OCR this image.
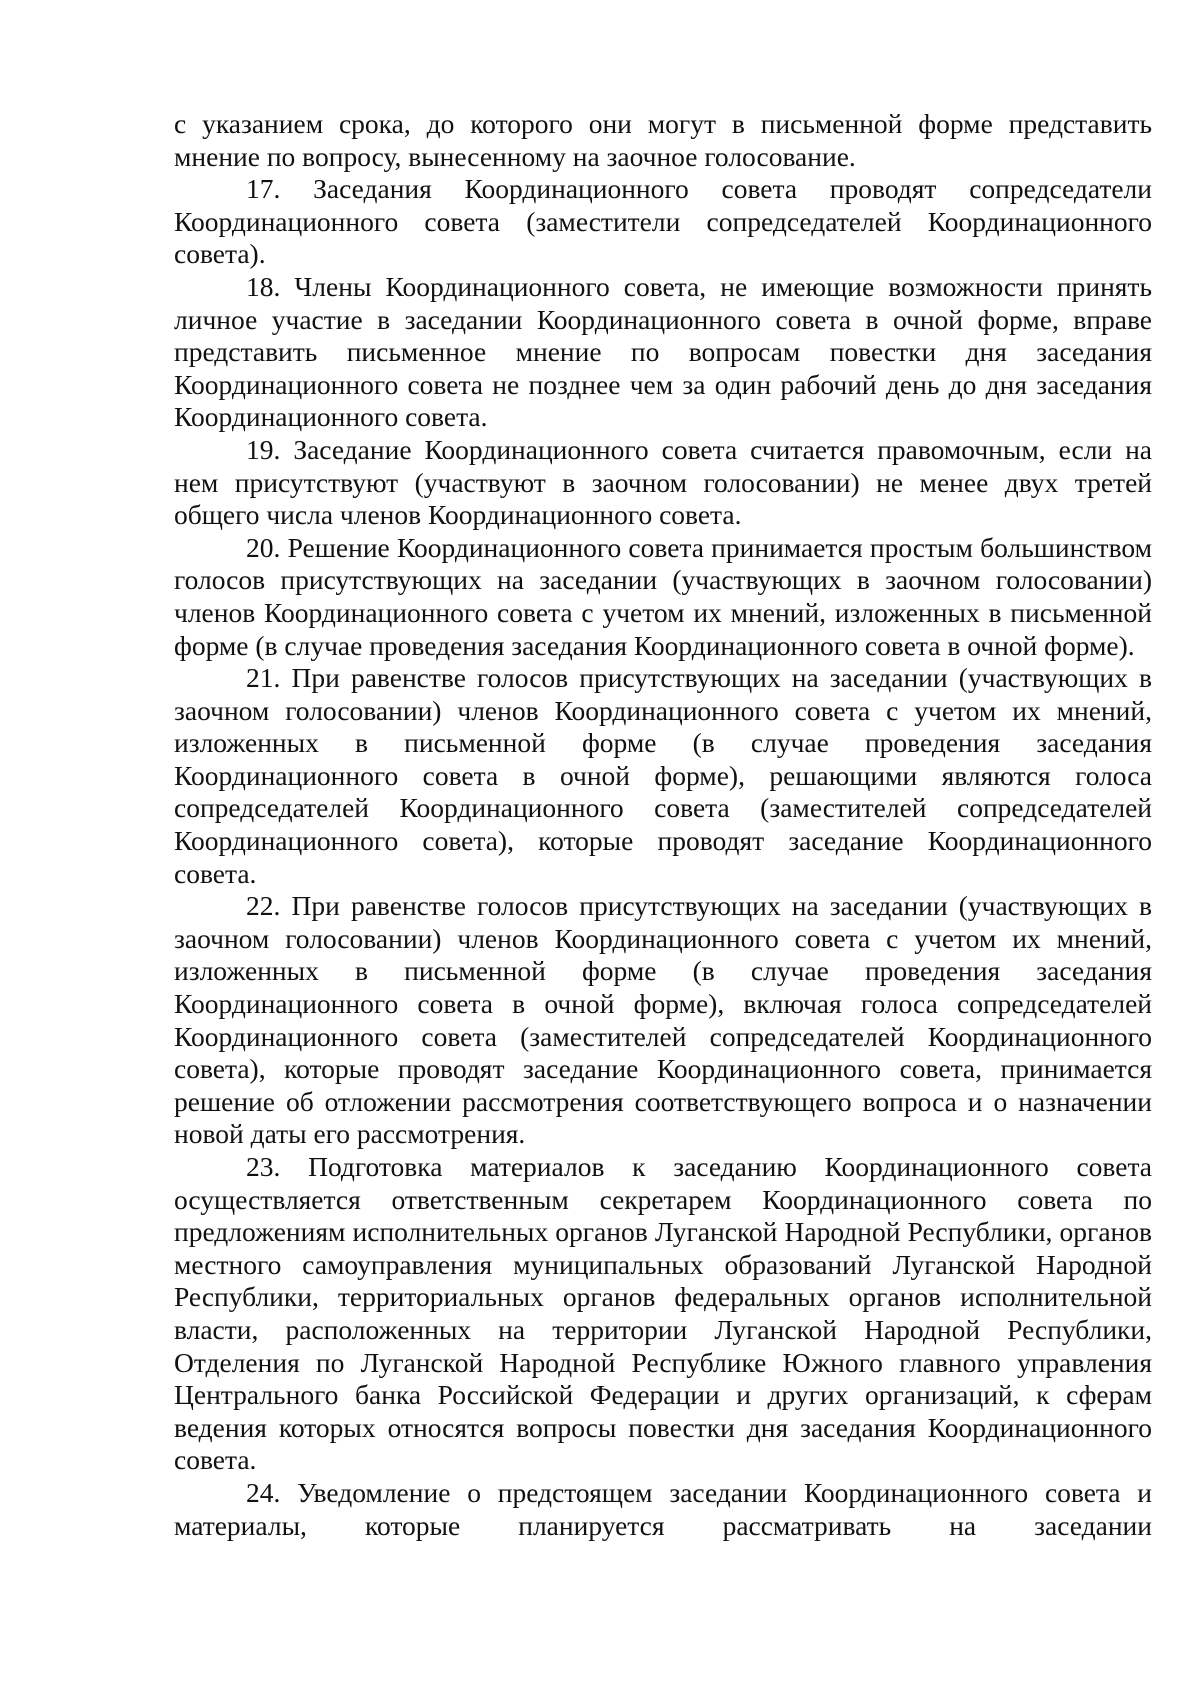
с указанием срока, до которого они могут в письменной форме представить мнение по вопросу, вынесенному на заочное голосование.

17. Заседания Координационного совета проводят сопредседатели Координационного совета (заместители сопредседателей Координационного совета).

18. Члены Координационного совета, не имеющие возможности принять личное участие в заседании Координационного совета в очной форме, вправе представить письменное мнение по вопросам повестки дня заседания Координационного совета не позднее чем за один рабочий день до дня заседания Координационного совета.

19. Заседание Координационного совета считается правомочным, если на нем присутствуют (участвуют в заочном голосовании) не менее двух третей общего числа членов Координационного совета.

20. Решение Координационного совета принимается простым большинством голосов присутствующих на заседании (участвующих в заочном голосовании) членов Координационного совета с учетом их мнений, изложенных в письменной форме (в случае проведения заседания Координационного совета в очной форме).

21. При равенстве голосов присутствующих на заседании (участвующих в заочном голосовании) членов Координационного совета с учетом их мнений, изложенных в письменной форме (в случае проведения заседания Координационного совета в очной форме), решающими являются голоса сопредседателей Координационного совета (заместителей сопредседателей Координационного совета), которые проводят заседание Координационного совета.

22. При равенстве голосов присутствующих на заседании (участвующих в заочном голосовании) членов Координационного совета с учетом их мнений, изложенных в письменной форме (в случае проведения заседания Координационного совета в очной форме), включая голоса сопредседателей Координационного совета (заместителей сопредседателей Координационного совета), которые проводят заседание Координационного совета, принимается решение об отложении рассмотрения соответствующего вопроса и о назначении новой даты его рассмотрения.

23. Подготовка материалов к заседанию Координационного совета осуществляется ответственным секретарем Координационного совета по предложениям исполнительных органов Луганской Народной Республики, органов местного самоуправления муниципальных образований Луганской Народной Республики, территориальных органов федеральных органов исполнительной власти, расположенных на территории Луганской Народной Республики, Отделения по Луганской Народной Республике Южного главного управления Центрального банка Российской Федерации и других организаций, к сферам ведения которых относятся вопросы повестки дня заседания Координационного совета.

24. Уведомление о предстоящем заседании Координационного совета и материалы, которые планируется рассматривать на заседании
